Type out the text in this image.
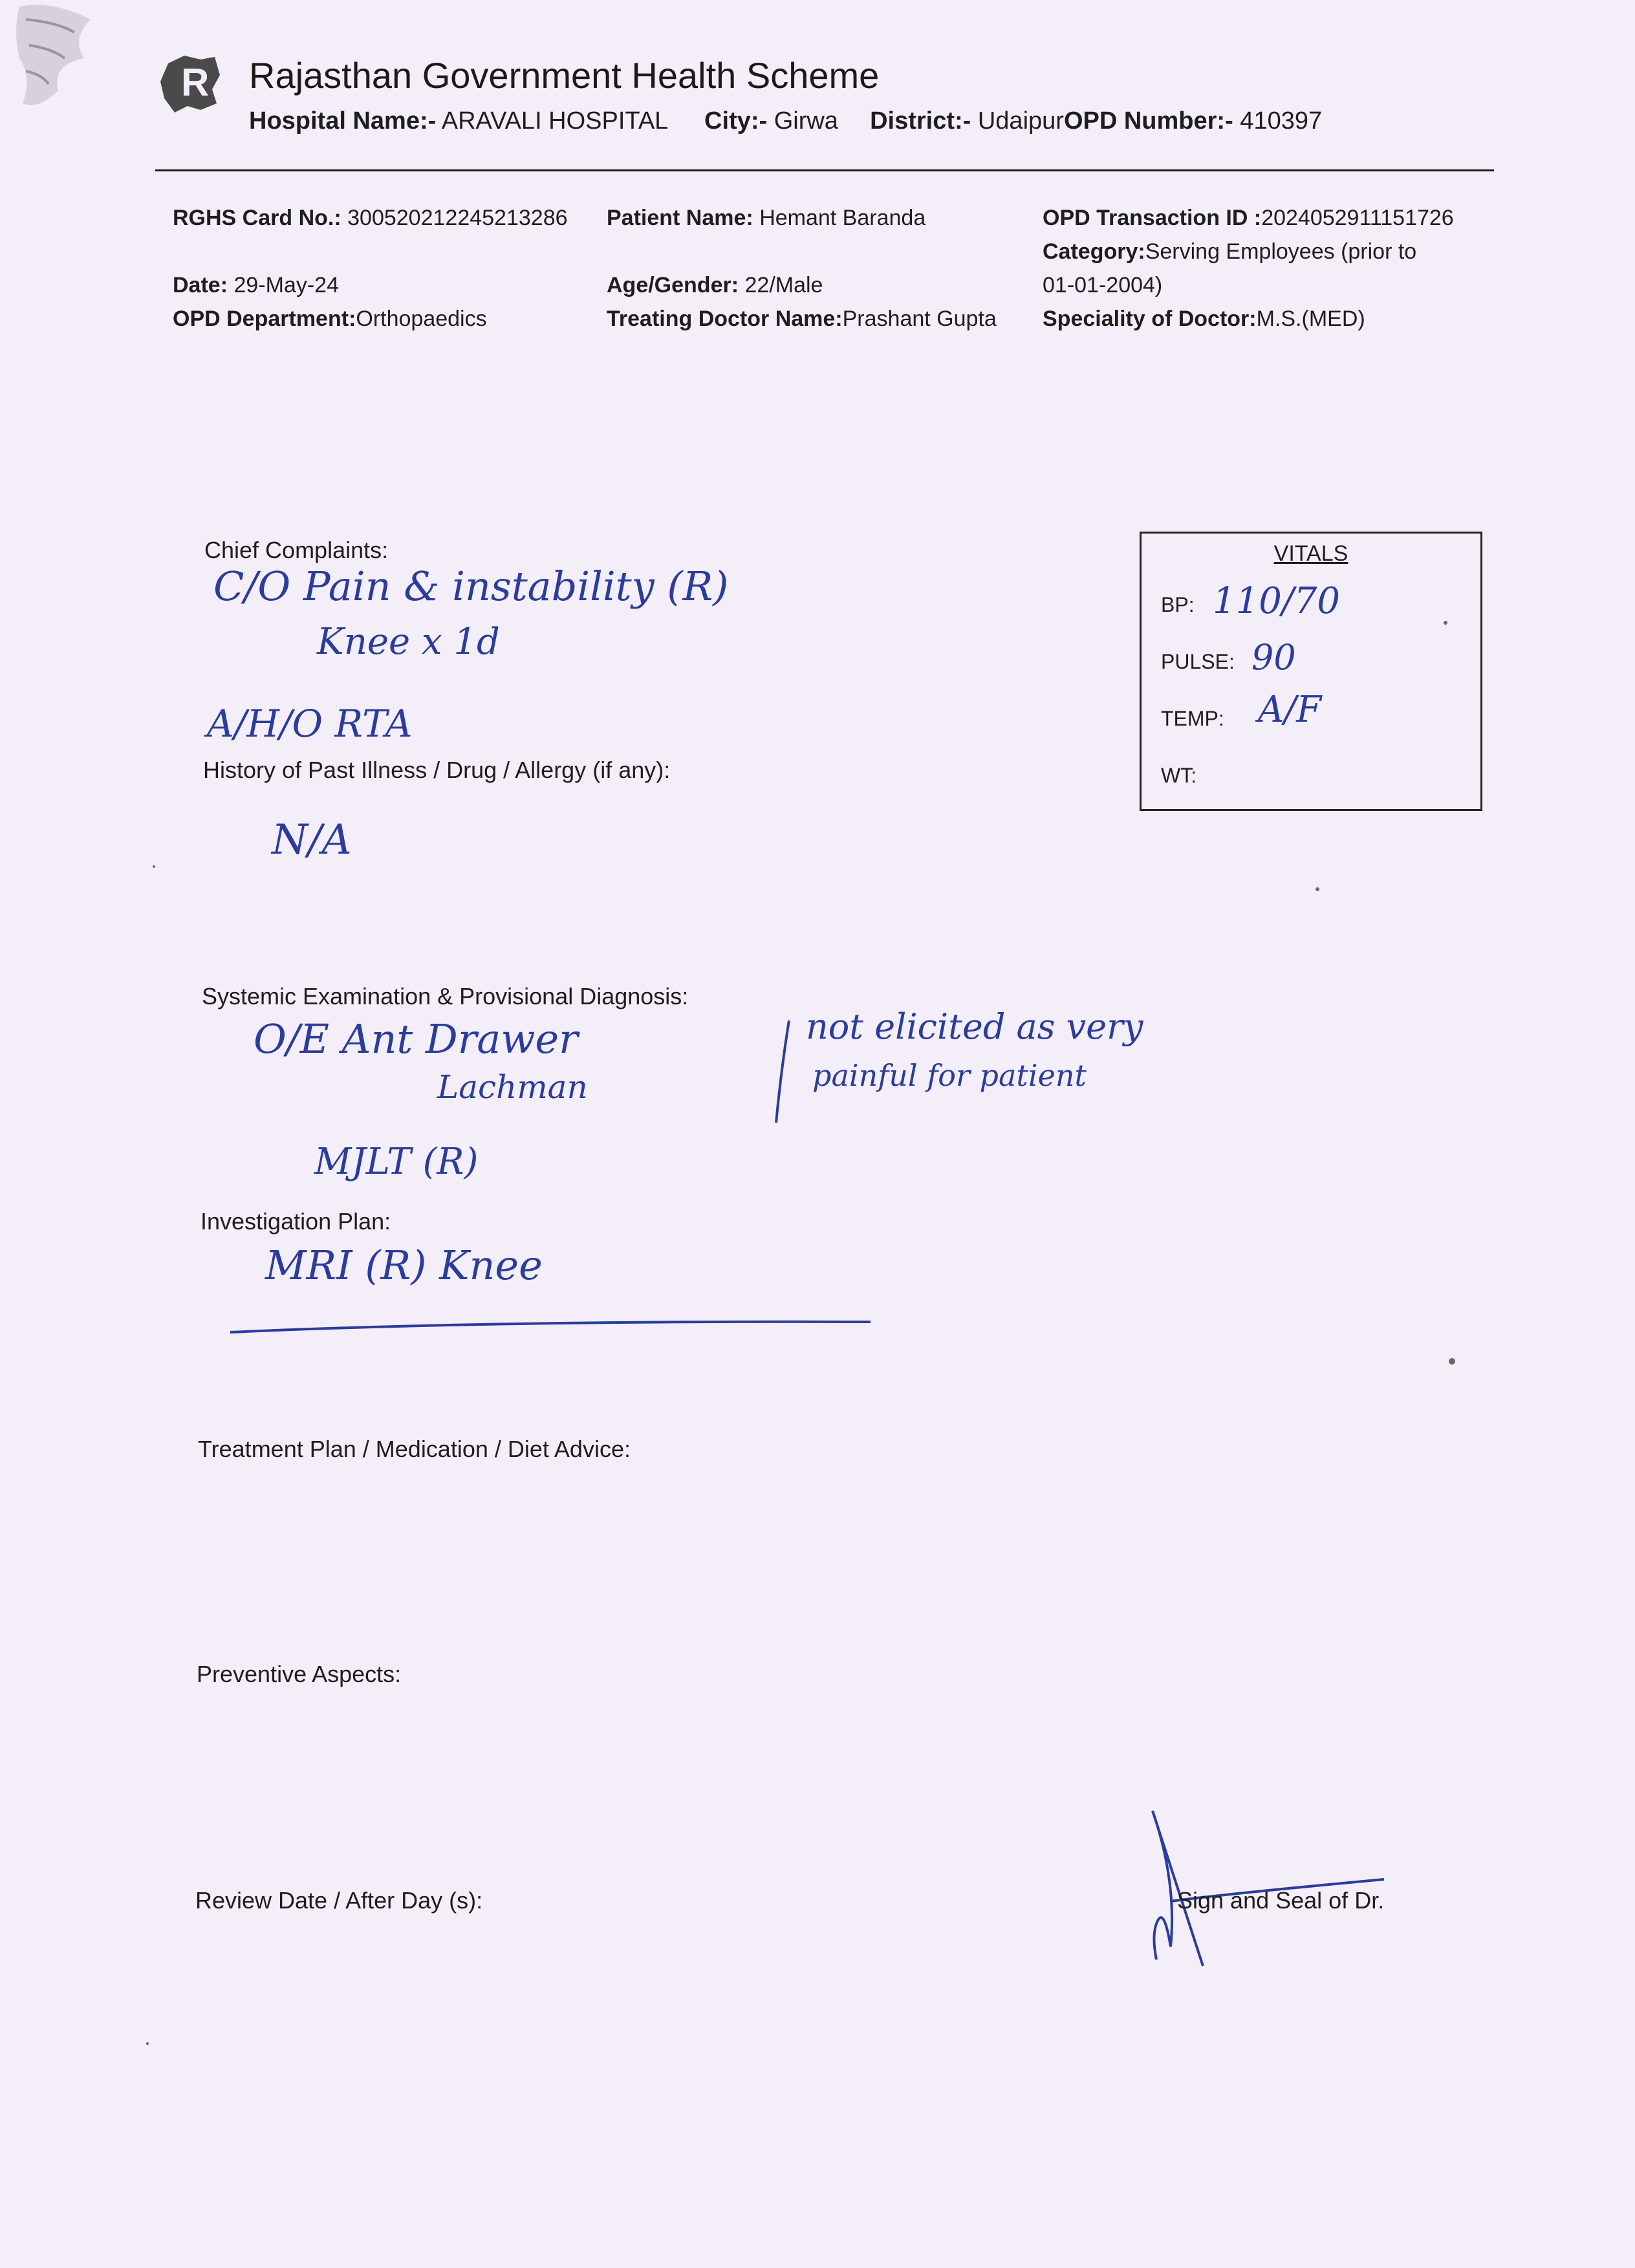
R Rajasthan Government Health Scheme
Hospital Name:- ARAVALI HOSPITAL City:- Girwa District:- UdaipurOPD Number:- 410397
RGHS Card No.: 300520212245213286 Patient Name: Hemant Baranda	OPD Transaction ID :2024052911151726
Category:Serving Employees (prior to
01-01-2004)
Date: 29-May-24	Age/Gender: 22/Male
OPD Department:Orthopaedics	Treating Doctor Name:Prashant Gupta Speciality of Doctor:M.S.(MED)
Chief Complaints:
C/O Pain & instability (R)
Knee x 1d
A/H/O RTA
VITALS
BP: 110/70
PULSE: 90
TEMP: A/F
WT:
History of Past Illness / Drug / Allergy (if any):
N/A
Systemic Examination & Provisional Diagnosis:
O/E Ant Drawer
Lachman
not elicited as very
painful for patient
MJLT (R)
Investigation Plan:
MRI (R) Knee
Treatment Plan / Medication / Diet Advice:
Preventive Aspects:
Review Date / After Day (s):	Sign and Seal of Dr.
